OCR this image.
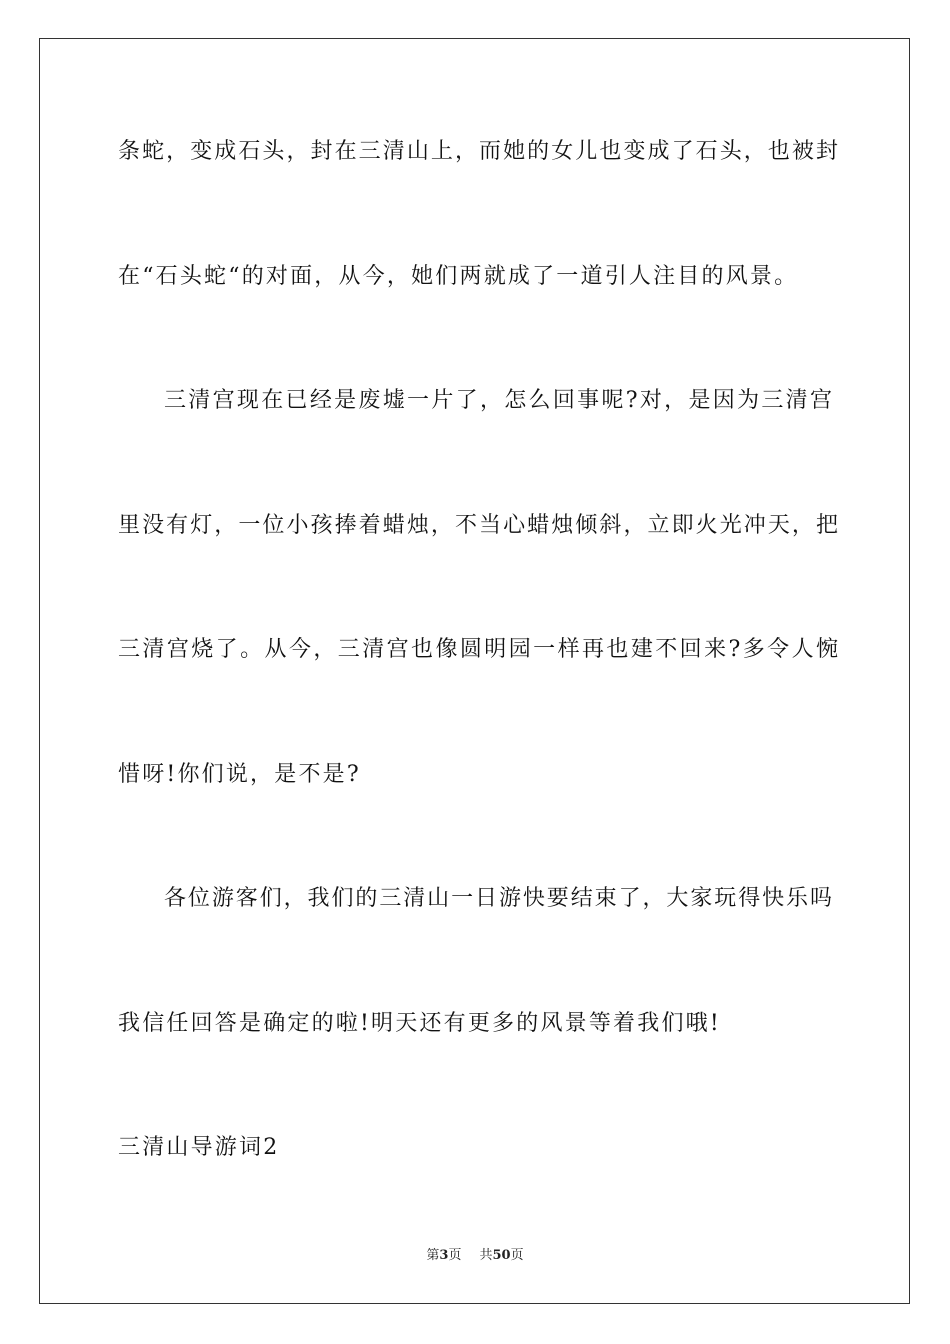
条蛇，变成石头，封在三清山上，而她的女儿也变成了石头，也被封
在“石头蛇“的对面，从今，她们两就成了一道引人注目的风景。
三清宫现在已经是废墟一片了，怎么回事呢?对，是因为三清宫
里没有灯，一位小孩捧着蜡烛，不当心蜡烛倾斜，立即火光冲天，把
三清宫烧了。从今，三清宫也像圆明园一样再也建不回来?多令人惋
惜呀!你们说，是不是?
各位游客们，我们的三清山一日游快要结束了，大家玩得快乐吗
我信任回答是确定的啦!明天还有更多的风景等着我们哦!
三清山导游词2
第3页 共50页
